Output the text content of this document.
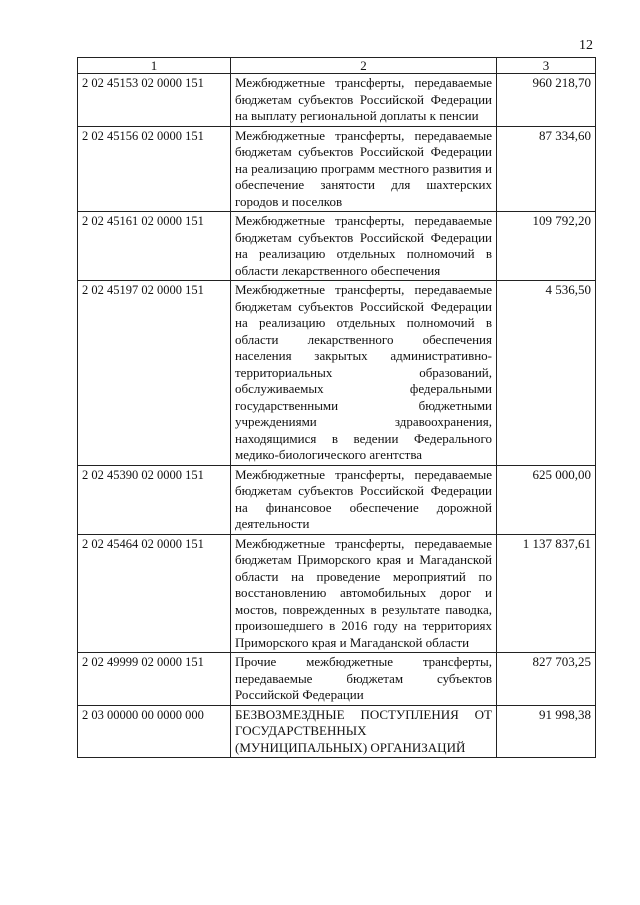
12
1	2	3
2 02 45153 02 0000 151	Межбюджетные трансферты, передаваемые бюджетам субъектов Российской Федерации на выплату региональной доплаты к пенсии	960 218,70
2 02 45156 02 0000 151	Межбюджетные трансферты, передаваемые бюджетам субъектов Российской Федерации на реализацию программ местного развития и обеспечение занятости для шахтерских городов и поселков	87 334,60
2 02 45161 02 0000 151	Межбюджетные трансферты, передаваемые бюджетам субъектов Российской Федерации на реализацию отдельных полномочий в области лекарственного обеспечения	109 792,20
2 02 45197 02 0000 151	Межбюджетные трансферты, передаваемые бюджетам субъектов Российской Федерации на реализацию отдельных полномочий в области лекарственного обеспечения населения закрытых административно-территориальных образований, обслуживаемых федеральными государственными бюджетными учреждениями здравоохранения, находящимися в ведении Федерального медико-биологического агентства	4 536,50
2 02 45390 02 0000 151	Межбюджетные трансферты, передаваемые бюджетам субъектов Российской Федерации на финансовое обеспечение дорожной деятельности	625 000,00
2 02 45464 02 0000 151	Межбюджетные трансферты, передаваемые бюджетам Приморского края и Магаданской области на проведение мероприятий по восстановлению автомобильных дорог и мостов, поврежденных в результате паводка, произошедшего в 2016 году на территориях Приморского края и Магаданской области	1 137 837,61
2 02 49999 02 0000 151	Прочие межбюджетные трансферты, передаваемые бюджетам субъектов Российской Федерации	827 703,25
2 03 00000 00 0000 000	БЕЗВОЗМЕЗДНЫЕ ПОСТУПЛЕНИЯ ОТ ГОСУДАРСТВЕННЫХ (МУНИЦИПАЛЬНЫХ) ОРГАНИЗАЦИЙ	91 998,38
